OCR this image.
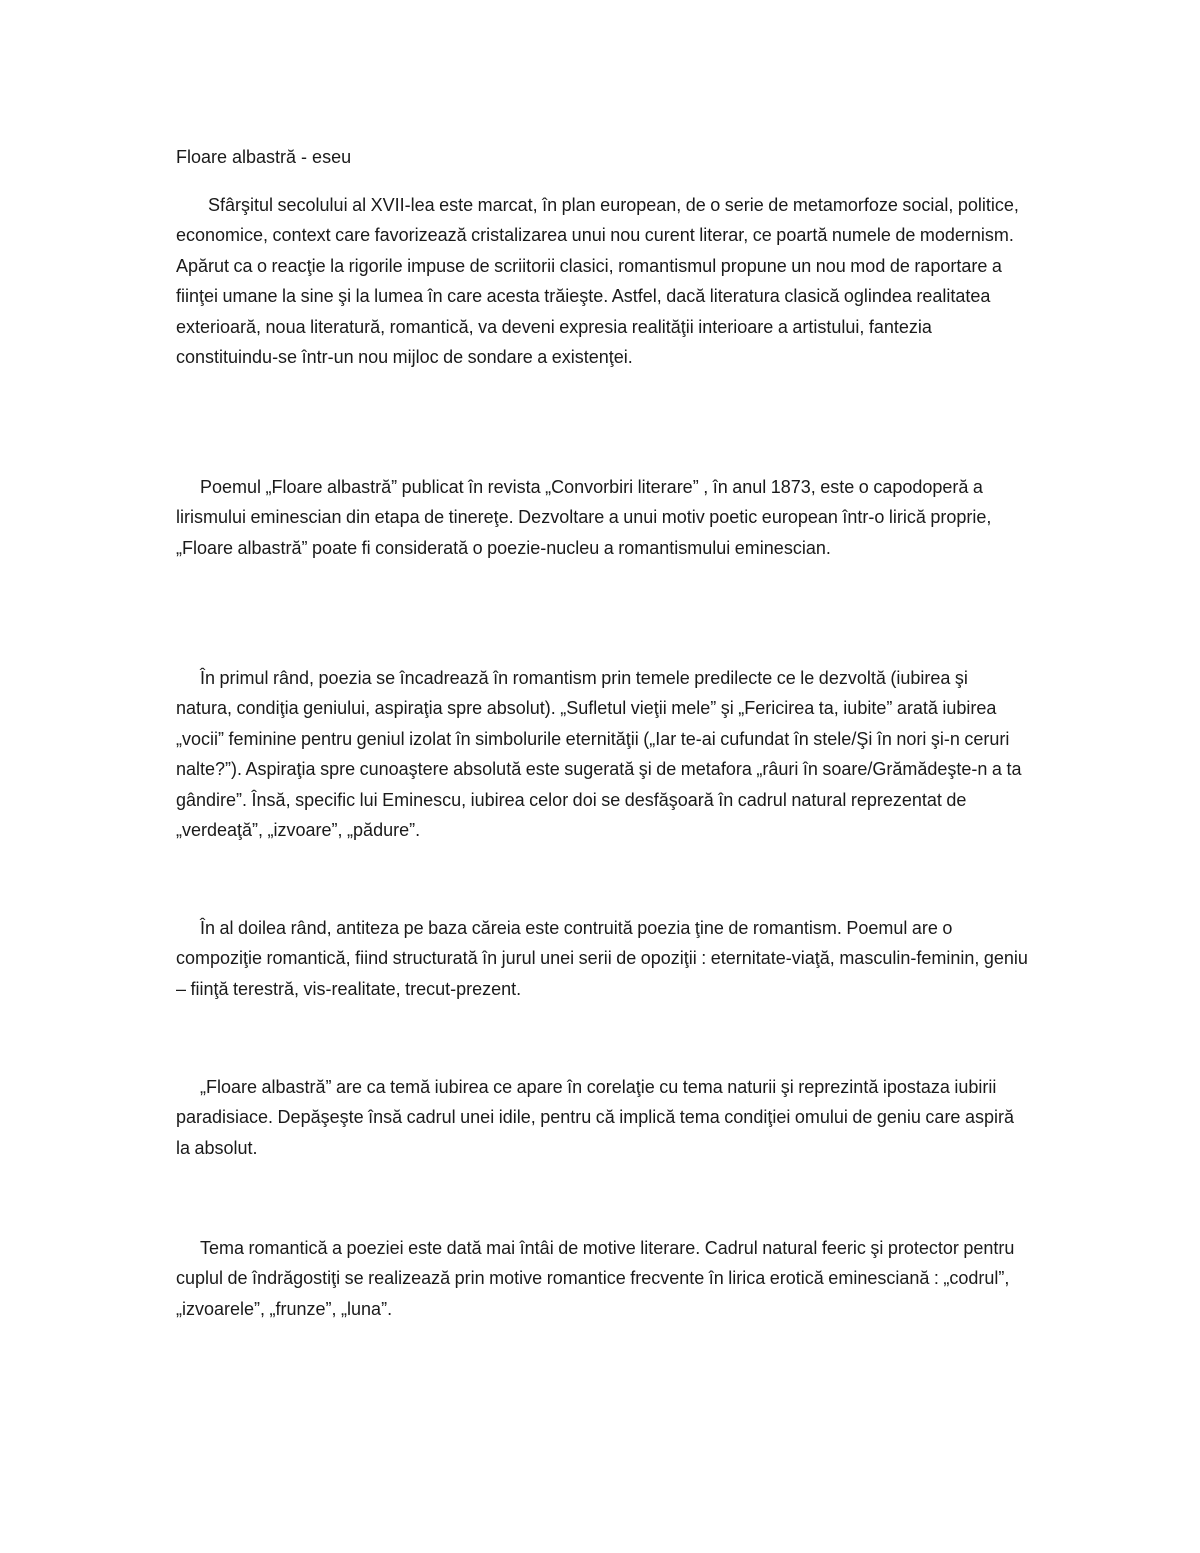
Floare albastră - eseu

Sfârşitul secolului al XVII-lea este marcat, în plan european, de o serie de metamorfoze social, politice, economice, context care favorizează cristalizarea unui nou curent literar, ce poartă numele de modernism. Apărut ca o reacţie la rigorile impuse de scriitorii clasici, romantismul propune un nou mod de raportare a fiinţei umane la sine şi la lumea în care acesta trăieşte. Astfel, dacă literatura clasică oglindea realitatea exterioară, noua literatură, romantică, va deveni expresia realităţii interioare a artistului, fantezia constituindu-se într-un nou mijloc de sondare a existenţei.

Poemul „Floare albastră” publicat în revista „Convorbiri literare” , în anul 1873, este o capodoperă a lirismului eminescian din etapa de tinereţe. Dezvoltare a unui motiv poetic european într-o lirică proprie, „Floare albastră” poate fi considerată o poezie-nucleu a romantismului eminescian.

În primul rând, poezia se încadrează în romantism prin temele predilecte ce le dezvoltă (iubirea şi natura, condiţia geniului, aspiraţia spre absolut). „Sufletul vieţii mele” şi „Fericirea ta, iubite” arată iubirea „vocii” feminine pentru geniul izolat în simbolurile eternităţii („Iar te-ai cufundat în stele/Şi în nori şi-n ceruri nalte?”). Aspiraţia spre cunoaştere absolută este sugerată şi de metafora „râuri în soare/Grămădeşte-n a ta gândire”. Însă, specific lui Eminescu, iubirea celor doi se desfăşoară în cadrul natural reprezentat de „verdeaţă”, „izvoare”, „pădure”.

În al doilea rând, antiteza pe baza căreia este contruită poezia ţine de romantism. Poemul are o compoziţie romantică, fiind structurată în jurul unei serii de opoziţii : eternitate-viaţă, masculin-feminin, geniu – fiinţă terestră, vis-realitate, trecut-prezent.

„Floare albastră” are ca temă iubirea ce apare în corelaţie cu tema naturii şi reprezintă ipostaza iubirii paradisiace. Depăşeşte însă cadrul unei idile, pentru că implică tema condiţiei omului de geniu care aspiră la absolut.

Tema romantică a poeziei este dată mai întâi de motive literare. Cadrul natural feeric şi protector pentru cuplul de îndrăgostiţi se realizează prin motive romantice frecvente în lirica erotică eminesciană : „codrul”, „izvoarele”, „frunze”, „luna”.
